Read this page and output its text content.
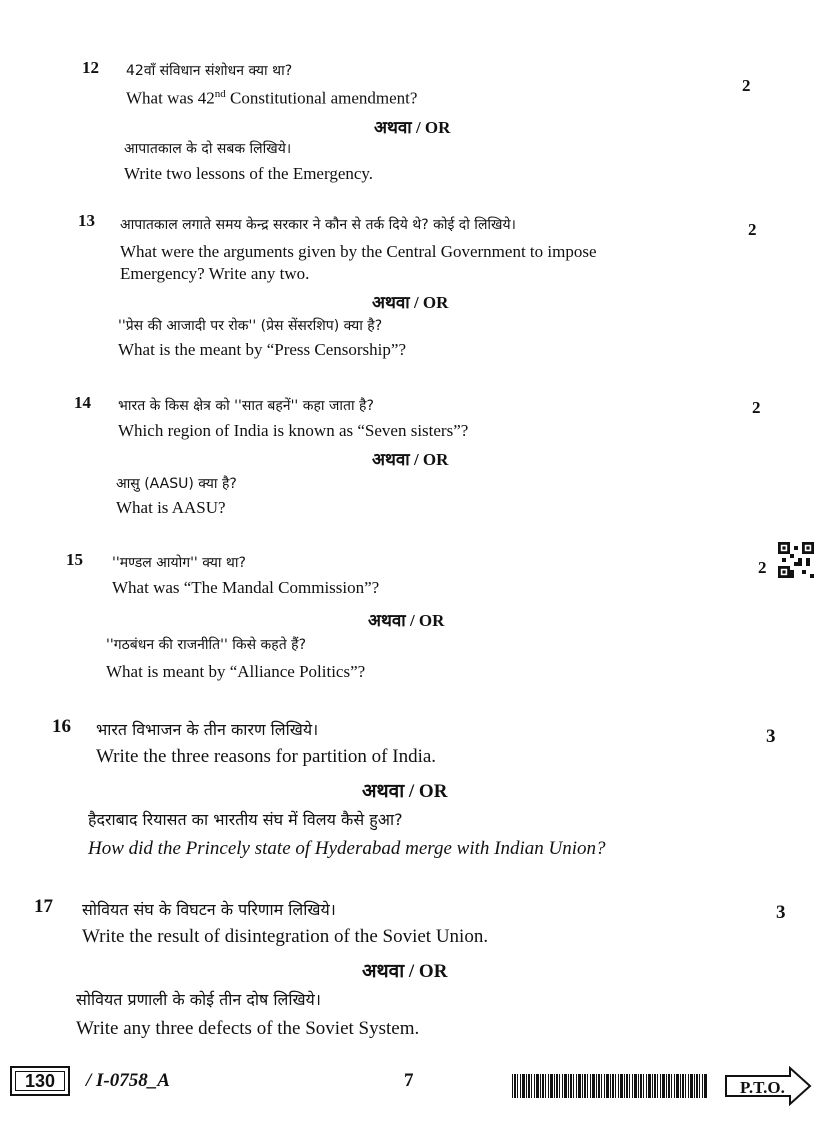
12 42वाँ संविधान संशोधन क्या था?
What was 42nd Constitutional amendment?
2
अथवा / OR
आपातकाल के दो सबक लिखिये।
Write two lessons of the Emergency.
13 आपातकाल लगाते समय केन्द्र सरकार ने कौन से तर्क दिये थे? कोई दो लिखिये।	2
What were the arguments given by the Central Government to impose
Emergency? Write any two.
अथवा / OR
''प्रेस की आजादी पर रोक'' (प्रेस सेंसरशिप) क्या है?
What is the meant by “Press Censorship”?
14 भारत के किस क्षेत्र को ''सात बहनें'' कहा जाता है?	2
Which region of India is known as “Seven sisters”?
अथवा / OR
आसु (AASU) क्या है?
What is AASU?
15 ''मण्डल आयोग'' क्या था?	2
What was “The Mandal Commission”?
अथवा / OR
''गठबंधन की राजनीति'' किसे कहते हैं?
What is meant by “Alliance Politics”?
16 भारत विभाजन के तीन कारण लिखिये।	3
Write the three reasons for partition of India.
अथवा / OR
हैदराबाद रियासत का भारतीय संघ में विलय कैसे हुआ?
How did the Princely state of Hyderabad merge with Indian Union?
17 सोवियत संघ के विघटन के परिणाम लिखिये।	3
Write the result of disintegration of the Soviet Union.
अथवा / OR
सोवियत प्रणाली के कोई तीन दोष लिखिये।
Write any three defects of the Soviet System.
130	/ I-0758_A	7	P.T.O.
